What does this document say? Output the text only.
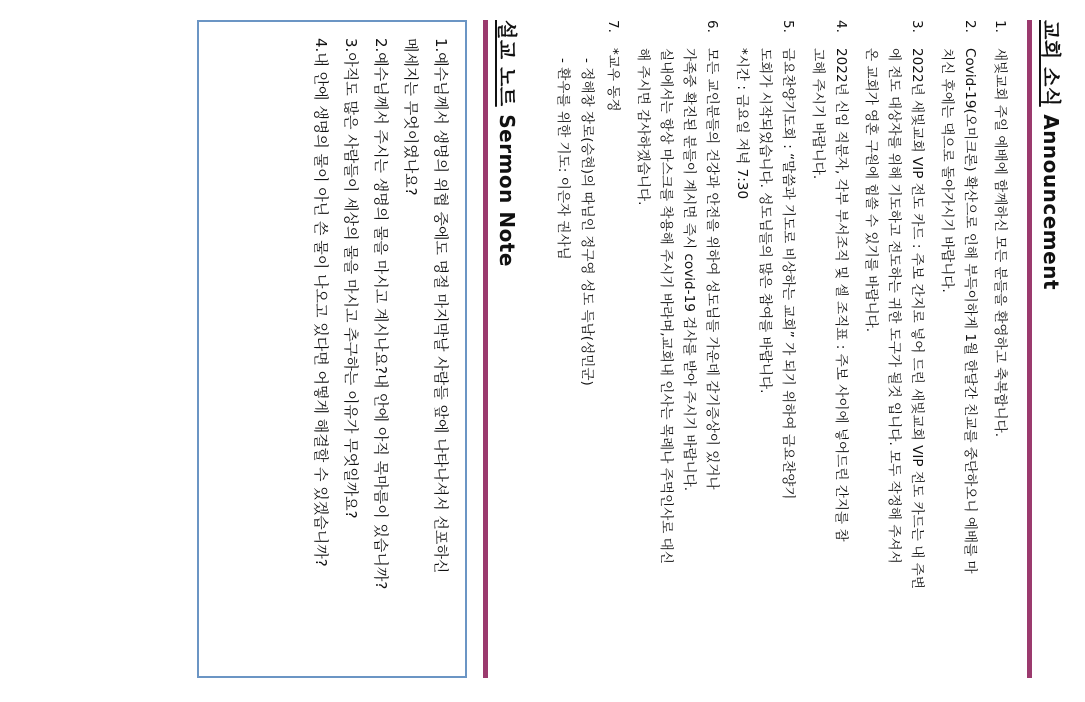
교회 소식 Announcement
1.
새빛교회 주일 예배에 함께하신 모든 분들을 환영하고 축복합니다.
2.
Covid-19(오미크론) 확산으로 인해 부득이하게 1월 한달간 친교를 중단하오니 예배를 마
치신 후에는 댁으로 돌아가시기 바랍니다.
3.
2022년 새빛교회 VIP 전도 카드 : 주보 간지로 넣어 드린 새빛교회 VIP 전도 카드는 내 주변
에 전도 대상자를 위해 기도하고 전도하는 귀한 도구가 될것 입니다. 모두 작정해 주셔서
온 교회가 영혼 구원에 힘쓸 수 있기를 바랍니다.
4.
2022년 신임 직분자, 각부 부서조직 및 셀 조직표 : 주보 사이에 넣어드린 간지를 참
고해 주시기 바랍니다.
5.
금요찬양기도회 : “말씀과 기도로 비상하는 교회” 가 되기 위하여 금요찬양기
도회가 시작되었습니다. 성도님들의 많은 참여를 바랍니다.
*시간 : 금요일 저녁 7:30
6.
모든 교인분들의 건강과 안전을 위하여 성도님들 가운데 감기증상이 있거나
가족중 확진된 분들이 계시면 즉시 covid-19 검사를 받아 주시기 바랍니다.
실내에서는 항상 마스크를 착용해 주시기 바라며,교회내 인사는 목례나 주먹인사로 대신
해 주시면 감사하겠습니다.
7.
*교우 동정
- 정해창 장로(승현)의 따님인 정구영 성도 득남(성민군)
- 환우를 위한 기도: 이은자 권사님
설교 노트 Sermon Note
1.예수님께서 생명의 위협 중에도 명절 마지막날 사람들 앞에 나타나셔서 선포하신
메세지는 무엇이였나요?
2.예수님께서 주시는 생명의 물을 마시고 계시나요?내 안에 아직 목마름이 있습니까?
3.아직도 많은 사람들이 세상의 물을 마시고 추구하는 이유가 무엇일까요?
4.내 안에 생명의 물이 아닌 쓴 물이 나오고 있다면 어떻게 해결할 수 있겠습니까?
